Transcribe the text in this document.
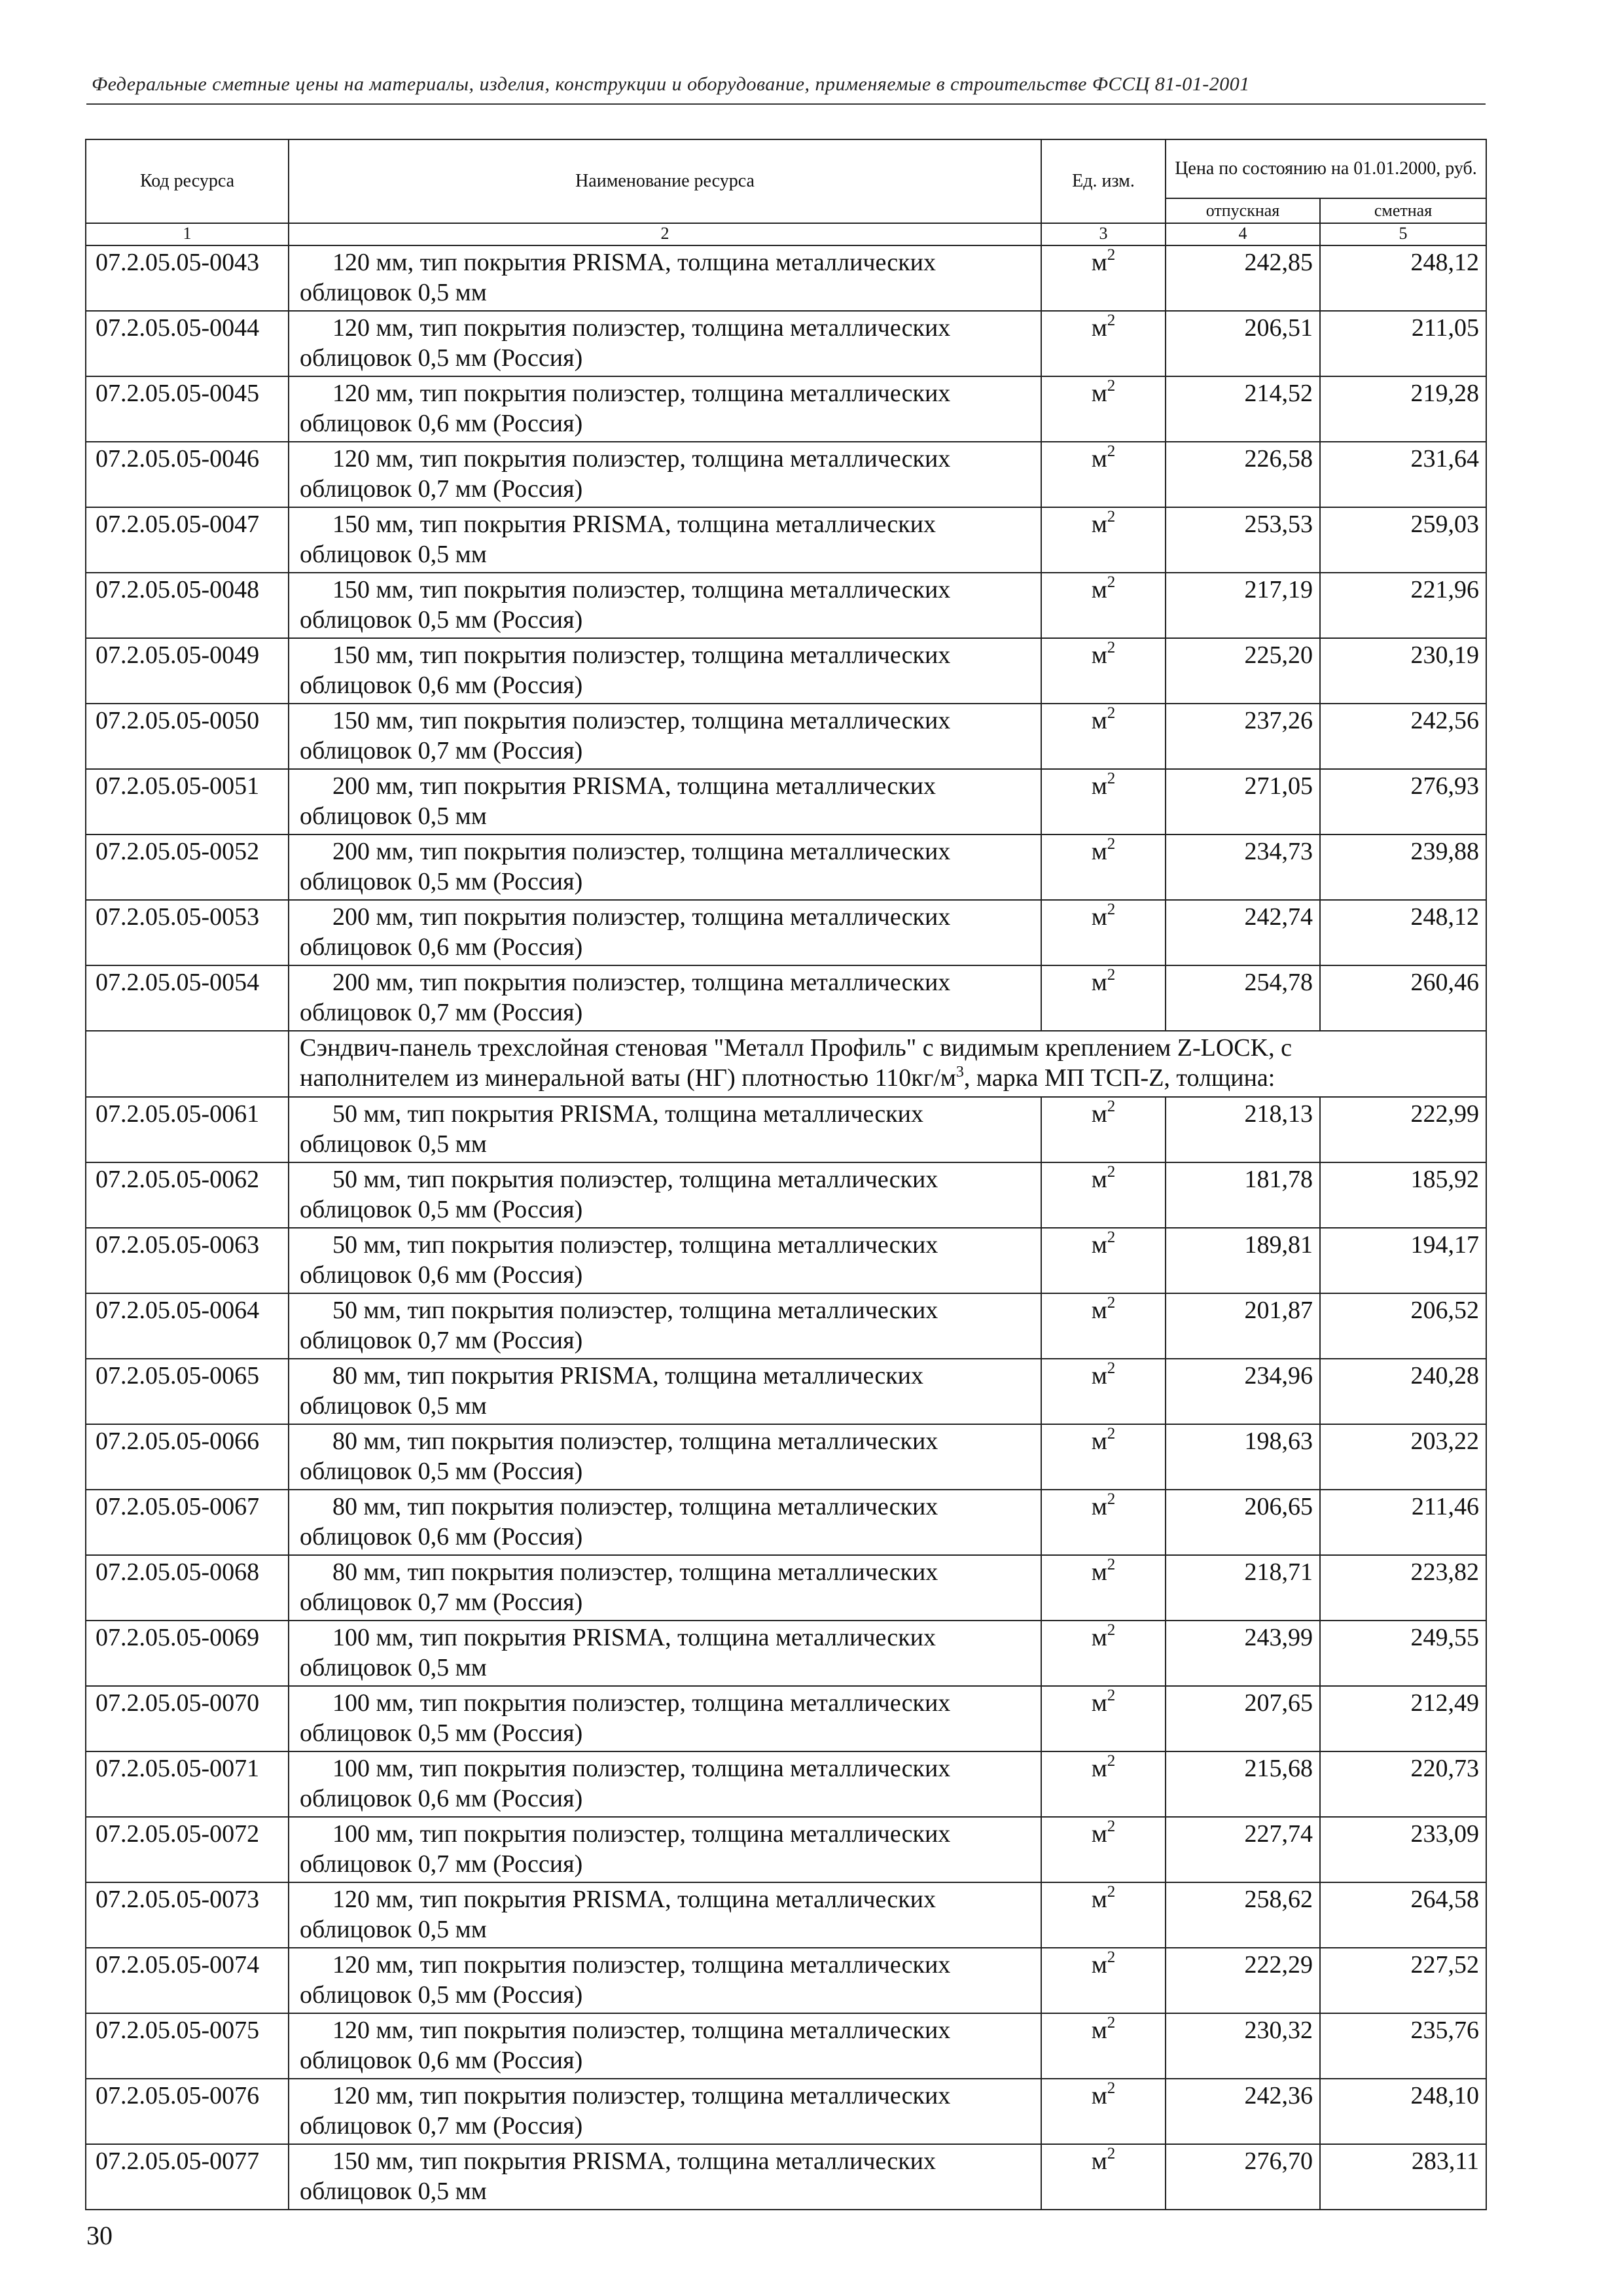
Федеральные сметные цены на материалы, изделия, конструкции и оборудование, применяемые в строительстве ФССЦ 81-01-2001
Код ресурса	Наименование ресурса	Ед. изм.	Цена по состоянию на 01.01.2000, руб.	
			отпускная	сметная
1	2	3	4	5
07.2.05.05-0043	120 мм, тип покрытия PRISMA, толщина металлических
облицовок 0,5 мм	$м^2$	242,85	248,12
07.2.05.05-0044	120 мм, тип покрытия полиэстер, толщина металлических
облицовок 0,5 мм (Россия)	$м^2$	206,51	211,05
07.2.05.05-0045	120 мм, тип покрытия полиэстер, толщина металлических
облицовок 0,6 мм (Россия)	$м^2$	214,52	219,28
07.2.05.05-0046	120 мм, тип покрытия полиэстер, толщина металлических
облицовок 0,7 мм (Россия)	$м^2$	226,58	231,64
07.2.05.05-0047	150 мм, тип покрытия PRISMA, толщина металлических
облицовок 0,5 мм	$м^2$	253,53	259,03
07.2.05.05-0048	150 мм, тип покрытия полиэстер, толщина металлических
облицовок 0,5 мм (Россия)	$м^2$	217,19	221,96
07.2.05.05-0049	150 мм, тип покрытия полиэстер, толщина металлических
облицовок 0,6 мм (Россия)	$м^2$	225,20	230,19
07.2.05.05-0050	150 мм, тип покрытия полиэстер, толщина металлических
облицовок 0,7 мм (Россия)	$м^2$	237,26	242,56
07.2.05.05-0051	200 мм, тип покрытия PRISMA, толщина металлических
облицовок 0,5 мм	$м^2$	271,05	276,93
07.2.05.05-0052	200 мм, тип покрытия полиэстер, толщина металлических
облицовок 0,5 мм (Россия)	$м^2$	234,73	239,88
07.2.05.05-0053	200 мм, тип покрытия полиэстер, толщина металлических
облицовок 0,6 мм (Россия)	$м^2$	242,74	248,12
07.2.05.05-0054	200 мм, тип покрытия полиэстер, толщина металлических
облицовок 0,7 мм (Россия)	$м^2$	254,78	260,46

	Сэндвич-панель трехслойная стеновая "Металл Профиль" с видимым креплением Z-LOCK, с
наполнителем из минеральной ваты (НГ) плотностью $110кг/м^3$, марка МП ТСП-Z, толщина:			

07.2.05.05-0061	50 мм, тип покрытия PRISMA, толщина металлических
облицовок 0,5 мм	$м^2$	218,13	222,99
07.2.05.05-0062	50 мм, тип покрытия полиэстер, толщина металлических
облицовок 0,5 мм (Россия)	$м^2$	181,78	185,92
07.2.05.05-0063	50 мм, тип покрытия полиэстер, толщина металлических
облицовок 0,6 мм (Россия)	$м^2$	189,81	194,17
07.2.05.05-0064	50 мм, тип покрытия полиэстер, толщина металлических
облицовок 0,7 мм (Россия)	$м^2$	201,87	206,52
07.2.05.05-0065	80 мм, тип покрытия PRISMA, толщина металлических
облицовок 0,5 мм	$м^2$	234,96	240,28
07.2.05.05-0066	80 мм, тип покрытия полиэстер, толщина металлических
облицовок 0,5 мм (Россия)	$м^2$	198,63	203,22
07.2.05.05-0067	80 мм, тип покрытия полиэстер, толщина металлических
облицовок 0,6 мм (Россия)	$м^2$	206,65	211,46
07.2.05.05-0068	80 мм, тип покрытия полиэстер, толщина металлических
облицовок 0,7 мм (Россия)	$м^2$	218,71	223,82
07.2.05.05-0069	100 мм, тип покрытия PRISMA, толщина металлических
облицовок 0,5 мм	$м^2$	243,99	249,55
07.2.05.05-0070	100 мм, тип покрытия полиэстер, толщина металлических
облицовок 0,5 мм (Россия)	$м^2$	207,65	212,49
07.2.05.05-0071	100 мм, тип покрытия полиэстер, толщина металлических
облицовок 0,6 мм (Россия)	$м^2$	215,68	220,73
07.2.05.05-0072	100 мм, тип покрытия полиэстер, толщина металлических
облицовок 0,7 мм (Россия)	$м^2$	227,74	233,09
07.2.05.05-0073	120 мм, тип покрытия PRISMA, толщина металлических
облицовок 0,5 мм	$м^2$	258,62	264,58
07.2.05.05-0074	120 мм, тип покрытия полиэстер, толщина металлических
облицовок 0,5 мм (Россия)	$м^2$	222,29	227,52
07.2.05.05-0075	120 мм, тип покрытия полиэстер, толщина металлических
облицовок 0,6 мм (Россия)	$м^2$	230,32	235,76
07.2.05.05-0076	120 мм, тип покрытия полиэстер, толщина металлических
облицовок 0,7 мм (Россия)	$м^2$	242,36	248,10
07.2.05.05-0077	150 мм, тип покрытия PRISMA, толщина металлических
облицовок 0,5 мм	$м^2$	276,70	283,11
30
